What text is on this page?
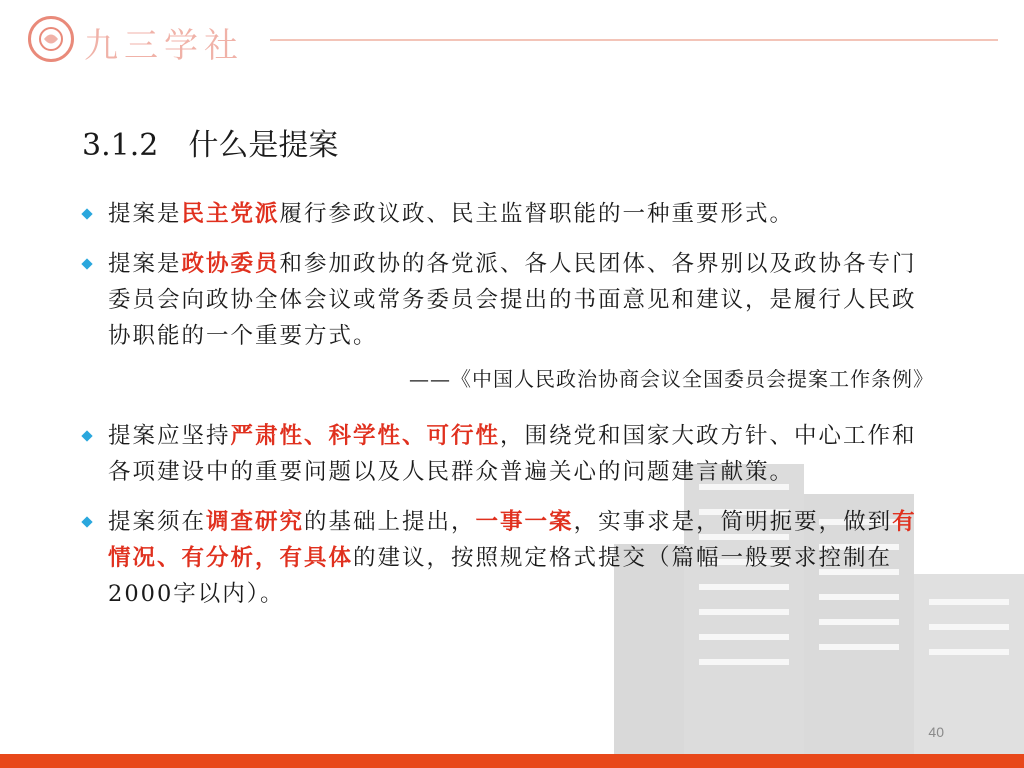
九三学社
3.1.2　什么是提案
提案是民主党派履行参政议政、民主监督职能的一种重要形式。
提案是政协委员和参加政协的各党派、各人民团体、各界别以及政协各专门委员会向政协全体会议或常务委员会提出的书面意见和建议，是履行人民政协职能的一个重要方式。
——《中国人民政治协商会议全国委员会提案工作条例》
提案应坚持严肃性、科学性、可行性，围绕党和国家大政方针、中心工作和各项建设中的重要问题以及人民群众普遍关心的问题建言献策。
提案须在调查研究的基础上提出，一事一案，实事求是，简明扼要，做到有情况、有分析，有具体的建议，按照规定格式提交（篇幅一般要求控制在2000字以内）。
40
